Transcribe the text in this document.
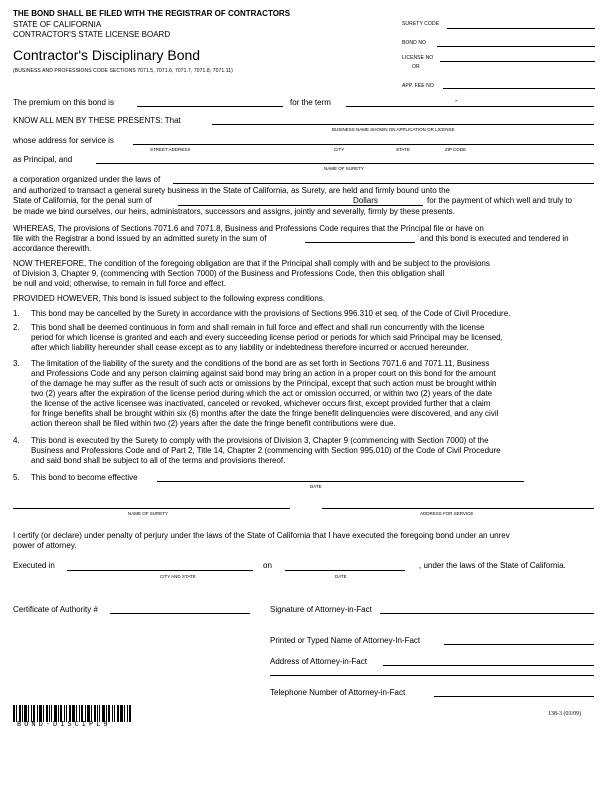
THE BOND SHALL BE FILED WITH THE REGISTRAR OF CONTRACTORS
STATE OF CALIFORNIA
CONTRACTOR'S STATE LICENSE BOARD
Contractor's Disciplinary Bond
(BUSINESS AND PROFESSIONS CODE SECTIONS 7071.5, 7071.6, 7071.7, 7071.8, 7071.11)
SURETY CODE
BOND NO
LICENSE NO
OR
APP. FEE NO
The premium on this bond is	for the term	-
KNOW ALL MEN BY THESE PRESENTS: That
BUSINESS NAME SHOWN ON APPLICATION OR LICENSE
whose address for service is
STREET ADDRESS	CITY	STATE	ZIP CODE
as Principal, and
NAME OF SURETY
a corporation organized under the laws of
and authorized to transact a general surety business in the State of California, as Surety, are held and firmly bound unto the
State of California, for the penal sum of	Dollars	for the payment of which well and truly to
be made we bind ourselves, our heirs, administrators, successors and assigns, jointly and severally, firmly by these presents.
WHEREAS, The provisions of Sections 7071.6 and 7071.8, Business and Professions Code requires that the Principal file or have on
file with the Registrar a bond issued by an admitted surety in the sum of	and this bond is executed and tendered in
accordance therewith.
NOW THEREFORE, The condition of the foregoing obligation are that if the Principal shall comply with and be subject to the provisions
of Division 3, Chapter 9, (commencing with Section 7000) of the Business and Professions Code, then this obligation shall
be null and void; otherwise, to remain in full force and effect.
PROVIDED HOWEVER, This bond is issued subject to the following express conditions.
1. This bond may be cancelled by the Surety in accordance with the provisions of Sections 996.310 et seq. of the Code of Civil Procedure.
2. This bond shall be deemed continuous in form and shall remain in full force and effect and shall run concurrently with the license
period for which license is granted and each and every succeeding license period or periods for which said Principal may be licensed,
after which liability hereunder shall cease except as to any liability or indebtedness therefore incurred or accrued hereunder.
3. The limitation of the liability of the surety and the conditions of the bond are as set forth in Sections 7071.6 and 7071.11, Business
and Professions Code and any person claiming against said bond may bring an action in a proper court on this bond for the amount
of the damage he may suffer as the result of such acts or omissions by the Principal, except that such action must be brought within
two (2) years after the expiration of the license period during which the act or omission occurred, or within two (2) years of the date
the license of the active licensee was inactivated, canceled or revoked, whichever occurs first, except provided further that a claim
for fringe benefits shall be brought within six (6) months after the date the fringe benefit delinquencies were discovered, and any civil
action thereon shall be filed within two (2) years after the date the fringe benefit contributions were due.
4. This bond is executed by the Surety to comply with the provisions of Division 3, Chapter 9 (commencing with Section 7000) of the
Business and Professions Code and of Part 2, Title 14, Chapter 2 (commencing with Section 995.010) of the Code of Civil Procedure
and said bond shall be subject to all of the terms and provisions thereof.
5. This bond to become effective
DATE
NAME OF SURETY	ADDRESS FOR SERVICE
I certify (or declare) under penalty of perjury under the laws of the State of California that I have executed the foregoing bond under an unrev
power of attorney.
Executed in
CITY AND STATE
on
DATE
, under the laws of the State of California.
Certificate of Authority #	Signature of Attorney-in-Fact
Printed or Typed Name of Attorney-In-Fact
Address of Attorney-in-Fact
Telephone Number of Attorney-in-Fact
BOND-DISCIPL9
138-3 (03/09)
